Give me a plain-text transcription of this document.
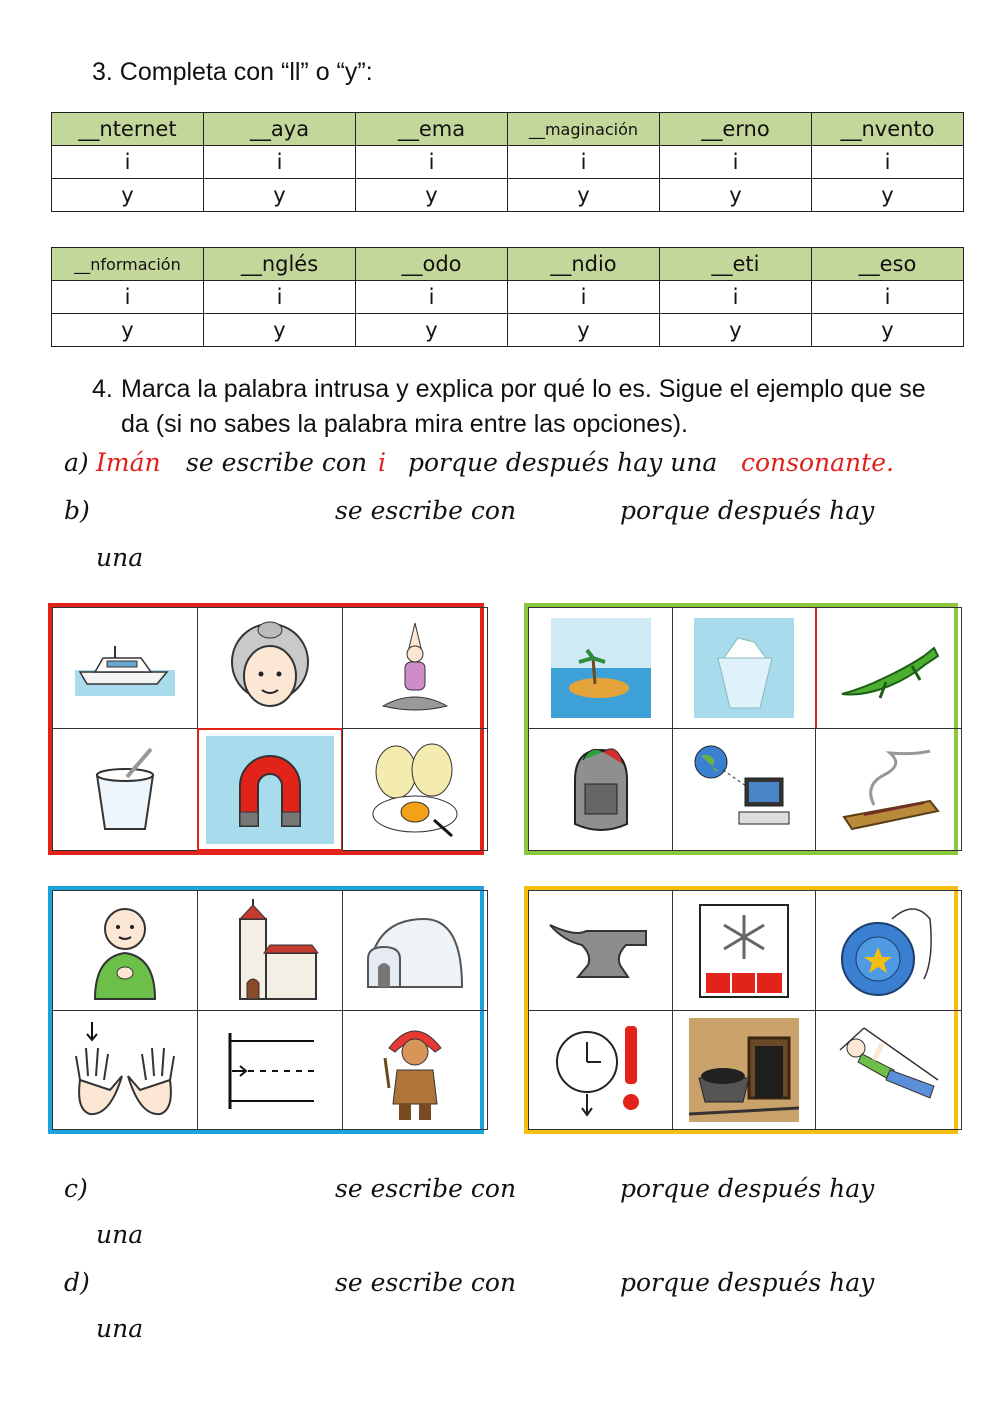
3. Completa con “ll” o “y”:
__nternet	__aya	__ema	__maginación	__erno	__nvento
i	i	i	i	i	i
y	y	y	y	y	y
__nformación	__nglés	__odo	__ndio	__eti	__eso
i	i	i	i	i	i
y	y	y	y	y	y
4. Marca la palabra intrusa y explica por qué lo es. Sigue el ejemplo que se da (si no sabes la palabra mira entre las opciones).
a) Imán se escribe con i porque después hay una consonante.
b)	se escribe con	porque después hay
una
c)	se escribe con	porque después hay
una
d)	se escribe con	porque después hay
una
